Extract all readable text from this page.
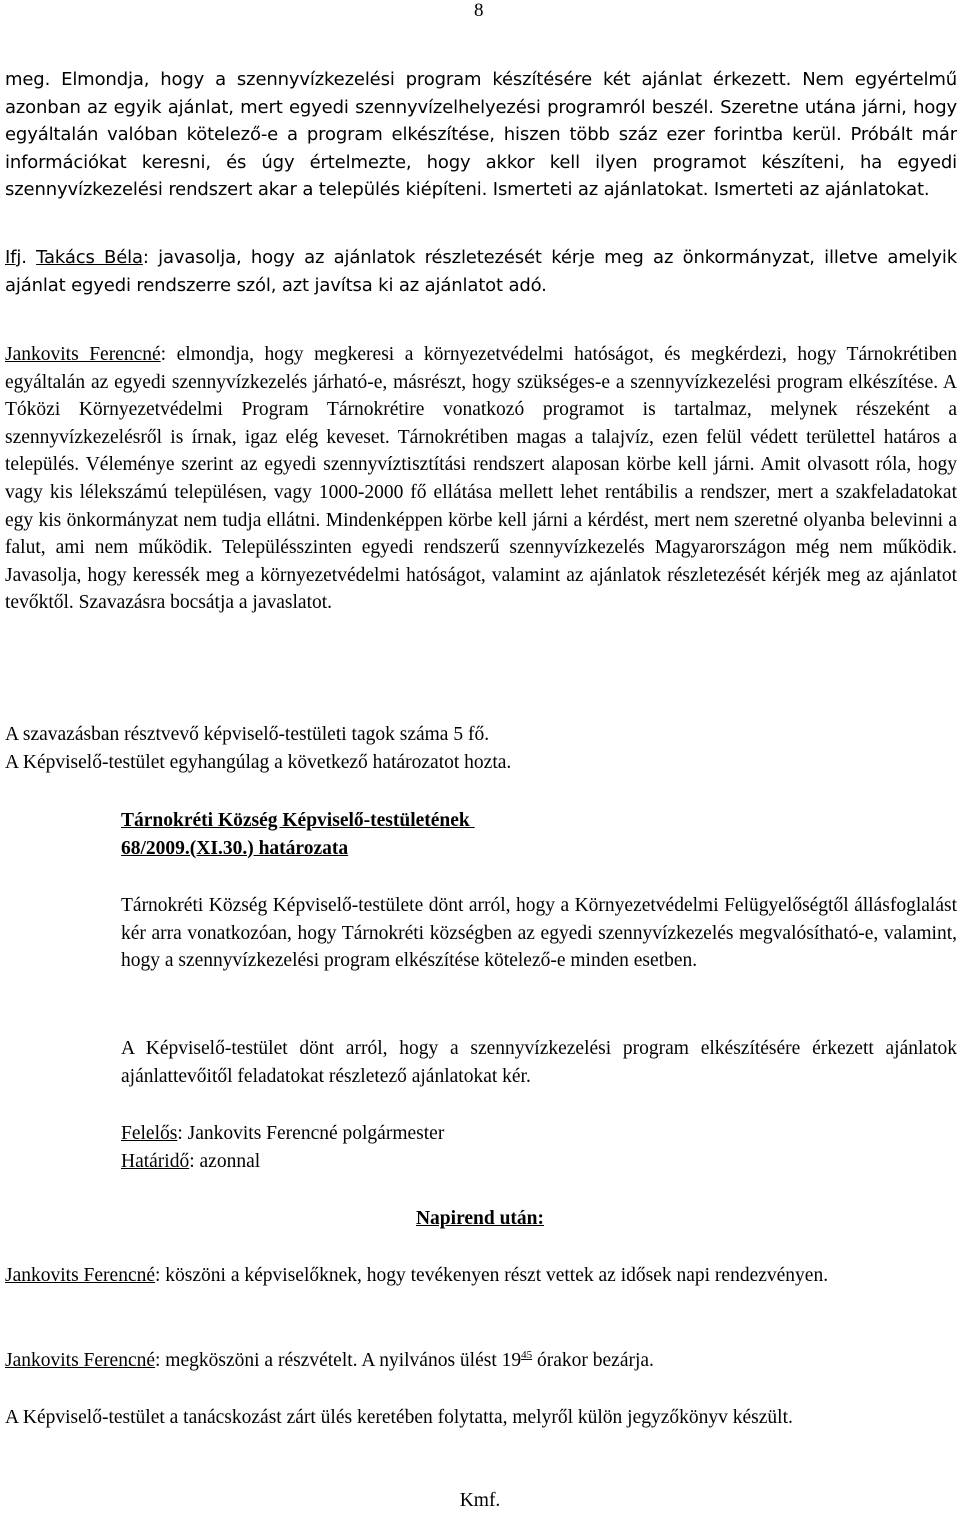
8

meg. Elmondja, hogy a szennyvízkezelési program készítésére két ajánlat érkezett. Nem egyértelmű azonban az egyik ajánlat, mert egyedi szennyvízelhelyezési programról beszél. Szeretne utána járni, hogy egyáltalán valóban kötelező-e a program elkészítése, hiszen több száz ezer forintba kerül. Próbált már információkat keresni, és úgy értelmezte, hogy akkor kell ilyen programot készíteni, ha egyedi szennyvízkezelési rendszert akar a település kiépíteni. Ismerteti az ajánlatokat. Ismerteti az ajánlatokat.

Ifj. Takács Béla: javasolja, hogy az ajánlatok részletezését kérje meg az önkormányzat, illetve amelyik ajánlat egyedi rendszerre szól, azt javítsa ki az ajánlatot adó.

Jankovits Ferencné: elmondja, hogy megkeresi a környezetvédelmi hatóságot, és megkérdezi, hogy Tárnokrétiben egyáltalán az egyedi szennyvízkezelés járható-e, másrészt, hogy szükséges-e a szennyvízkezelési program elkészítése. A Tóközi Környezetvédelmi Program Tárnokrétire vonatkozó programot is tartalmaz, melynek részeként a szennyvízkezelésről is írnak, igaz elég keveset. Tárnokrétiben magas a talajvíz, ezen felül védett területtel határos a település. Véleménye szerint az egyedi szennyvíztisztítási rendszert alaposan körbe kell járni. Amit olvasott róla, hogy vagy kis lélekszámú településen, vagy 1000-2000 fő ellátása mellett lehet rentábilis a rendszer, mert a szakfeladatokat egy kis önkormányzat nem tudja ellátni. Mindenképpen körbe kell járni a kérdést, mert nem szeretné olyanba belevinni a falut, ami nem működik. Településszinten egyedi rendszerű szennyvízkezelés Magyarországon még nem működik. Javasolja, hogy keressék meg a környezetvédelmi hatóságot, valamint az ajánlatok részletezését kérjék meg az ajánlatot tevőktől. Szavazásra bocsátja a javaslatot.

A szavazásban résztvevő képviselő-testületi tagok száma 5 fő.
A Képviselő-testület egyhangúlag a következő határozatot hozta.

Tárnokréti Község Képviselő-testületének
68/2009.(XI.30.) határozata

Tárnokréti Község Képviselő-testülete dönt arról, hogy a Környezetvédelmi Felügyelőségtől állásfoglalást kér arra vonatkozóan, hogy Tárnokréti községben az egyedi szennyvízkezelés megvalósítható-e, valamint, hogy a szennyvízkezelési program elkészítése kötelező-e minden esetben.

A Képviselő-testület dönt arról, hogy a szennyvízkezelési program elkészítésére érkezett ajánlatok ajánlattevőitől feladatokat részletező ajánlatokat kér.

Felelős: Jankovits Ferencné polgármester
Határidő: azonnal

Napirend után:

Jankovits Ferencné: köszöni a képviselőknek, hogy tevékenyen részt vettek az idősek napi rendezvényen.

Jankovits Ferencné: megköszöni a részvételt. A nyilvános ülést $19^{45}$ órakor bezárja.

A Képviselő-testület a tanácskozást zárt ülés keretében folytatta, melyről külön jegyzőkönyv készült.

Kmf.
